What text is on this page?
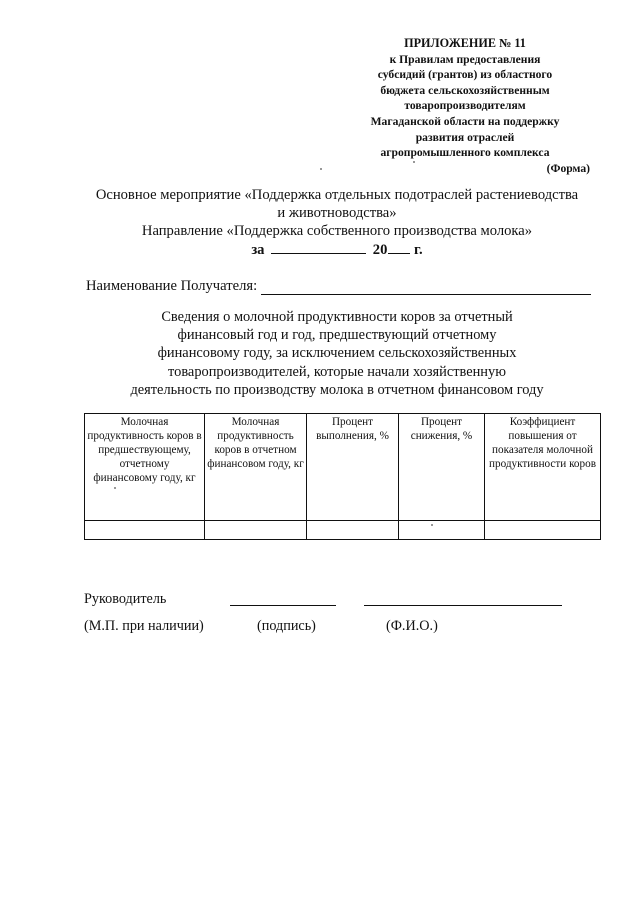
ПРИЛОЖЕНИЕ № 11
к Правилам предоставления
субсидий (грантов) из областного
бюджета сельскохозяйственным
товаропроизводителям
Магаданской области на поддержку
развития отраслей
агропромышленного комплекса
(Форма)
Основное мероприятие «Поддержка отдельных подотраслей растениеводства
и животноводства»
Направление «Поддержка собственного производства молока»
за	20 г.
Наименование Получателя:
Сведения о молочной продуктивности коров за отчетный
финансовый год и год, предшествующий отчетному
финансовому году, за исключением сельскохозяйственных
товаропроизводителей, которые начали хозяйственную
деятельность по производству молока в отчетном финансовом году
Молочная продуктивность коров в предшествующему, отчетному финансовому году, кг	Молочная продуктивность коров в отчетном финансовом году, кг	Процент выполнения, %	Процент снижения, %	Коэффициент повышения от показателя молочной продуктивности коров

Руководитель
(М.П. при наличии)	(подпись)	(Ф.И.О.)
